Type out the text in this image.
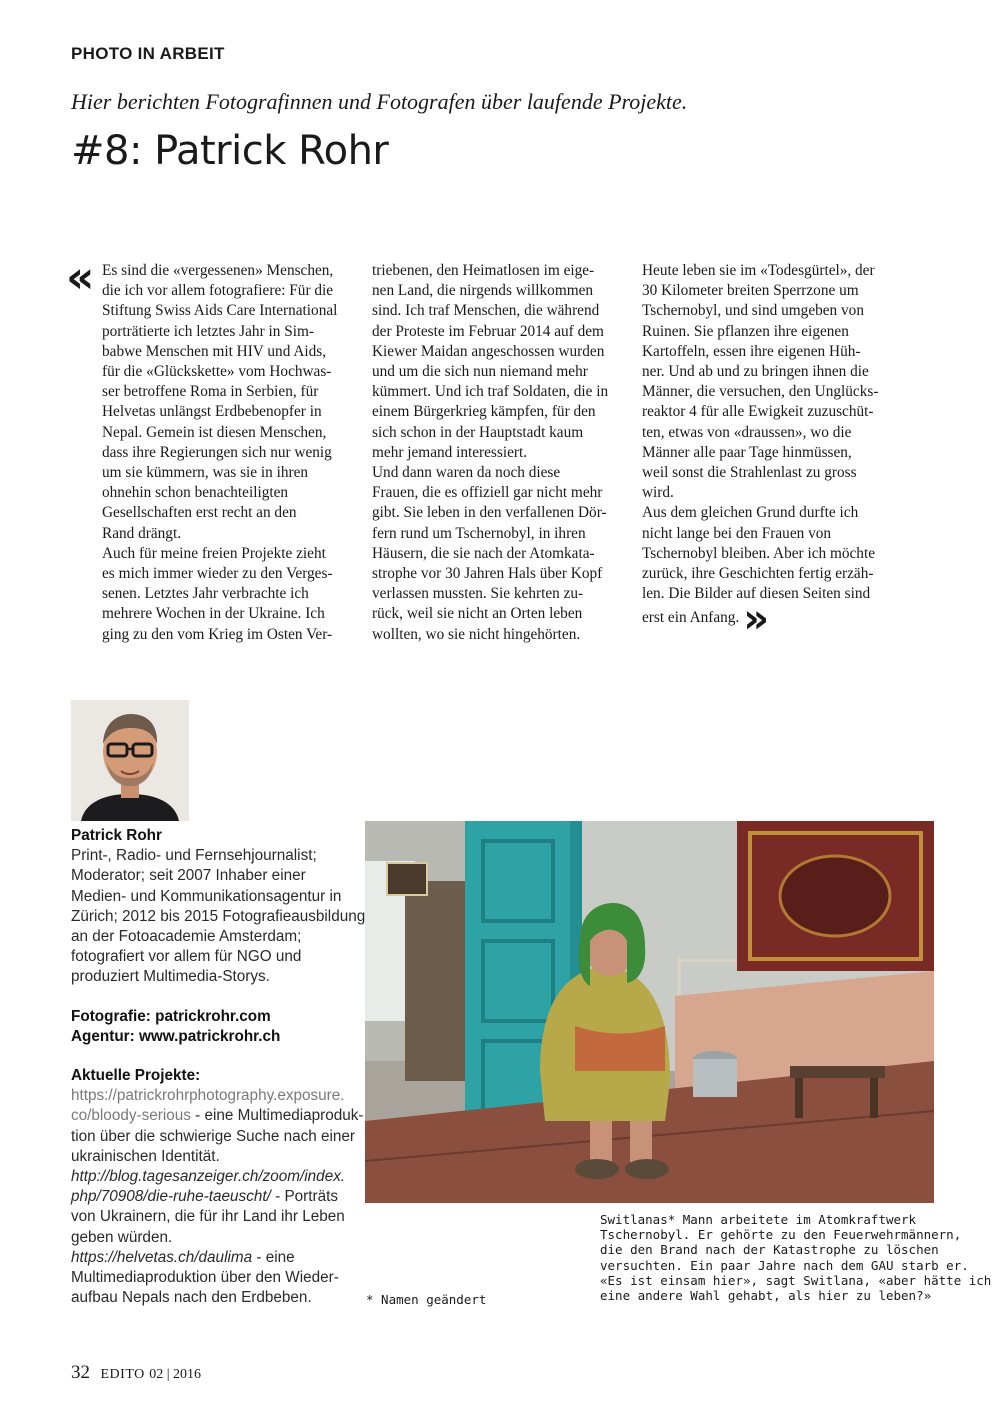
PHOTO IN ARBEIT
Hier berichten Fotografinnen und Fotografen über laufende Projekte.
#8: Patrick Rohr
« Es sind die «vergessenen» Menschen,

die ich vor allem fotografiere: Für die

Stiftung Swiss Aids Care International

porträtierte ich letztes Jahr in Sim-

babwe Menschen mit HIV und Aids,

für die «Glückskette» vom Hochwas-

ser betroffene Roma in Serbien, für

Helvetas unlängst Erdbebenopfer in

Nepal. Gemein ist diesen Menschen,

dass ihre Regierungen sich nur wenig

um sie kümmern, was sie in ihren

ohnehin schon benachteiligten

Gesellschaften erst recht an den

Rand drängt.

Auch für meine freien Projekte zieht

es mich immer wieder zu den Verges-

senen. Letztes Jahr verbrachte ich

mehrere Wochen in der Ukraine. Ich

ging zu den vom Krieg im Osten Ver-

triebenen, den Heimatlosen im eige-

nen Land, die nirgends willkommen

sind. Ich traf Menschen, die während

der Proteste im Februar 2014 auf dem

Kiewer Maidan angeschossen wurden

und um die sich nun niemand mehr

kümmert. Und ich traf Soldaten, die in

einem Bürgerkrieg kämpfen, für den

sich schon in der Hauptstadt kaum

mehr jemand interessiert.

Und dann waren da noch diese

Frauen, die es offiziell gar nicht mehr

gibt. Sie leben in den verfallenen Dör-

fern rund um Tschernobyl, in ihren

Häusern, die sie nach der Atomkata-

strophe vor 30 Jahren Hals über Kopf

verlassen mussten. Sie kehrten zu-

rück, weil sie nicht an Orten leben

wollten, wo sie nicht hingehörten.

Heute leben sie im «Todesgürtel», der

30 Kilometer breiten Sperrzone um

Tschernobyl, und sind umgeben von

Ruinen. Sie pflanzen ihre eigenen

Kartoffeln, essen ihre eigenen Hüh-

ner. Und ab und zu bringen ihnen die

Männer, die versuchen, den Unglücks-

reaktor 4 für alle Ewigkeit zuzuschüt-

ten, etwas von «draussen», wo die

Männer alle paar Tage hinmüssen,

weil sonst die Strahlenlast zu gross

wird.

Aus dem gleichen Grund durfte ich

nicht lange bei den Frauen von

Tschernobyl bleiben. Aber ich möchte

zurück, ihre Geschichten fertig erzäh-

len. Die Bilder auf diesen Seiten sind

erst ein Anfang. »

Patrick Rohr

Print-, Radio- und Fernsehjournalist;

Moderator; seit 2007 Inhaber einer

Medien- und Kommunikationsagentur in

Zürich; 2012 bis 2015 Fotografieausbildung

an der Fotoacademie Amsterdam;

fotografiert vor allem für NGO und

produziert Multimedia-Storys.

Fotografie: patrickrohr.com

Agentur: www.patrickrohr.ch

Aktuelle Projekte:

https://patrickrohrphotography.exposure.

co/bloody-serious - eine Multimediaproduk-

tion über die schwierige Suche nach einer

ukrainischen Identität.

http://blog.tagesanzeiger.ch/zoom/index.

php/70908/die-ruhe-taeuscht/ - Porträts

von Ukrainern, die für ihr Land ihr Leben

geben würden.

https://helvetas.ch/daulima - eine

Multimediaproduktion über den Wieder-

aufbau Nepals nach den Erdbeben.	* Namen geändert

Switlanas* Mann arbeitete im Atomkraftwerk

Tschernobyl. Er gehörte zu den Feuerwehrmännern,

die den Brand nach der Katastrophe zu löschen

versuchten. Ein paar Jahre nach dem GAU starb er.

«Es ist einsam hier», sagt Switlana, «aber hätte ich

eine andere Wahl gehabt, als hier zu leben?»

32 EDITO 02 | 2016
